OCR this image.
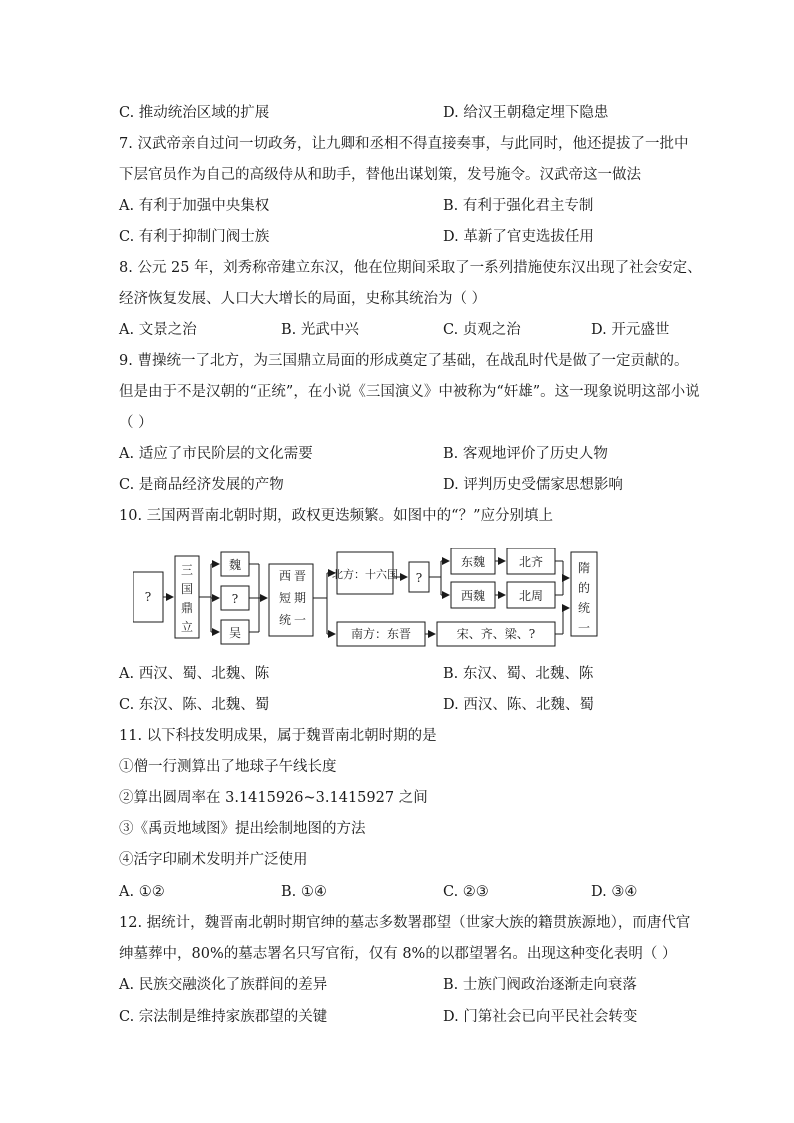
C. 推动统治区域的扩展	D. 给汉王朝稳定埋下隐患
7. 汉武帝亲自过问一切政务，让九卿和丞相不得直接奏事，与此同时，他还提拔了一批中
下层官员作为自己的高级侍从和助手，替他出谋划策，发号施令。汉武帝这一做法
A. 有利于加强中央集权	B. 有利于强化君主专制
C. 有利于抑制门阀士族	D. 革新了官吏选拔任用
8. 公元 25 年，刘秀称帝建立东汉，他在位期间采取了一系列措施使东汉出现了社会安定、
经济恢复发展、人口大大增长的局面，史称其统治为（ ）
A. 文景之治	B. 光武中兴	C. 贞观之治	D. 开元盛世
9. 曹操统一了北方，为三国鼎立局面的形成奠定了基础，在战乱时代是做了一定贡献的。
但是由于不是汉朝的“正统”，在小说《三国演义》中被称为“奸雄”。这一现象说明这部小说
（ ）
A. 适应了市民阶层的文化需要	B. 客观地评价了历史人物
C. 是商品经济发展的产物	D. 评判历史受儒家思想影响
10. 三国两晋南北朝时期，政权更迭频繁。如图中的“？”应分别填上
?
三
国
鼎
立
魏
?
吴
西 晋
短 期
统 一
北方：十六国 ?
东魏	北齐
西魏	北周
南方：东晋	宋、齐、梁、?
隋
的
统
一
A. 西汉、蜀、北魏、陈	B. 东汉、蜀、北魏、陈
C. 东汉、陈、北魏、蜀	D. 西汉、陈、北魏、蜀
11. 以下科技发明成果，属于魏晋南北朝时期的是
①僧一行测算出了地球子午线长度
②算出圆周率在 3.1415926~3.1415927 之间
③《禹贡地域图》提出绘制地图的方法
④活字印刷术发明并广泛使用
A. ①②	B. ①④	C. ②③	D. ③④
12. 据统计，魏晋南北朝时期官绅的墓志多数署郡望（世家大族的籍贯族源地），而唐代官
绅墓葬中，80%的墓志署名只写官衔，仅有 8%的以郡望署名。出现这种变化表明（ ）
A. 民族交融淡化了族群间的差异	B. 士族门阀政治逐渐走向衰落
C. 宗法制是维持家族郡望的关键	D. 门第社会已向平民社会转变
